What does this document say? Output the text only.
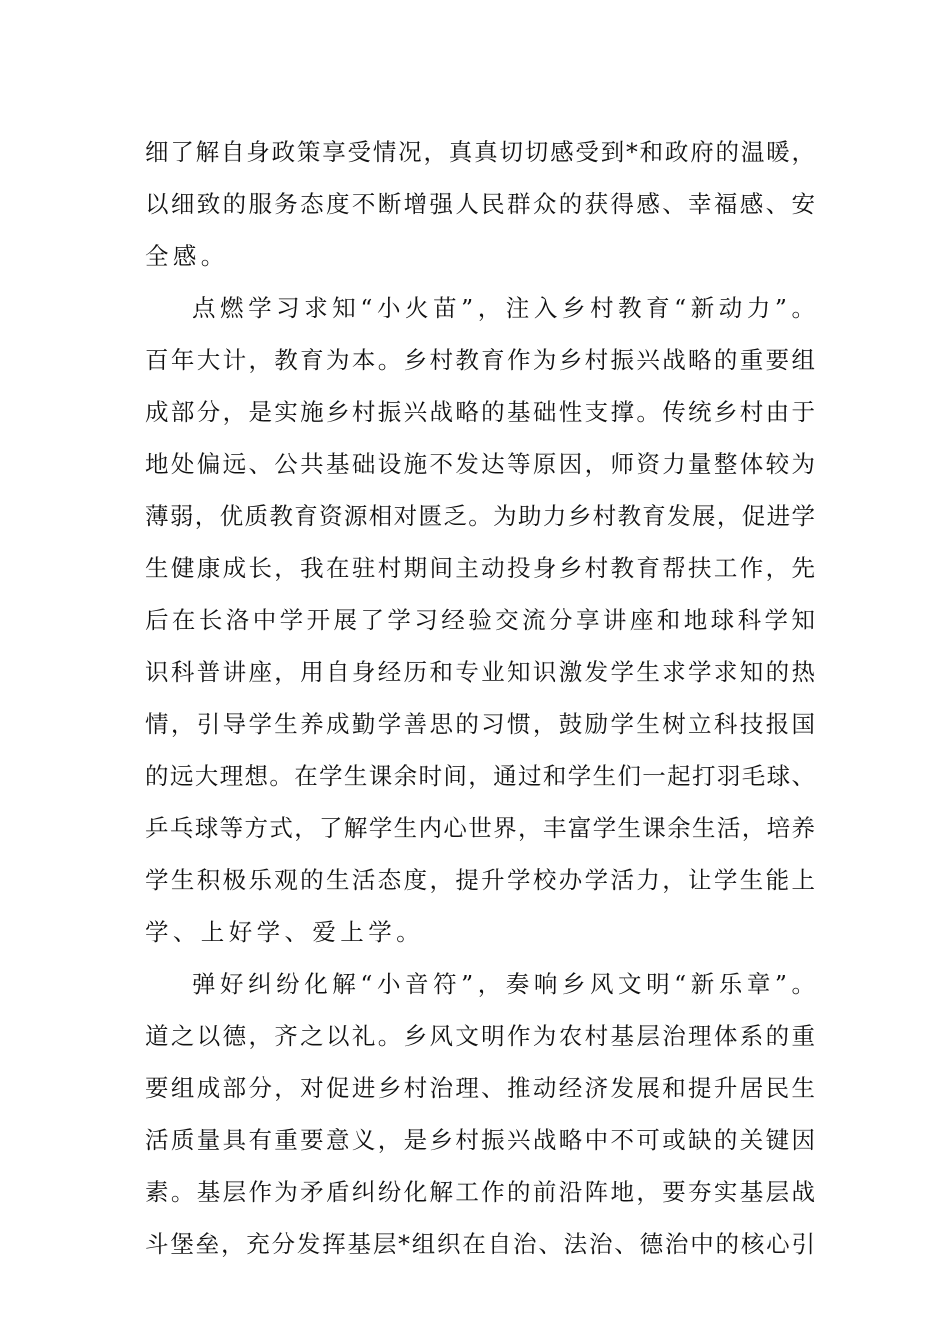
细了解自身政策享受情况，真真切切感受到*和政府的温暖，
以细致的服务态度不断增强人民群众的获得感、幸福感、安
全感。
点燃学习求知“小火苗”，注入乡村教育“新动力”。
百年大计，教育为本。乡村教育作为乡村振兴战略的重要组
成部分，是实施乡村振兴战略的基础性支撑。传统乡村由于
地处偏远、公共基础设施不发达等原因，师资力量整体较为
薄弱，优质教育资源相对匮乏。为助力乡村教育发展，促进学
生健康成长，我在驻村期间主动投身乡村教育帮扶工作，先
后在长洛中学开展了学习经验交流分享讲座和地球科学知
识科普讲座，用自身经历和专业知识激发学生求学求知的热
情，引导学生养成勤学善思的习惯，鼓励学生树立科技报国
的远大理想。在学生课余时间，通过和学生们一起打羽毛球、
乒乓球等方式，了解学生内心世界，丰富学生课余生活，培养
学生积极乐观的生活态度，提升学校办学活力，让学生能上
学、上好学、爱上学。
弹好纠纷化解“小音符”，奏响乡风文明“新乐章”。
道之以德，齐之以礼。乡风文明作为农村基层治理体系的重
要组成部分，对促进乡村治理、推动经济发展和提升居民生
活质量具有重要意义，是乡村振兴战略中不可或缺的关键因
素。基层作为矛盾纠纷化解工作的前沿阵地，要夯实基层战
斗堡垒，充分发挥基层*组织在自治、法治、德治中的核心引
